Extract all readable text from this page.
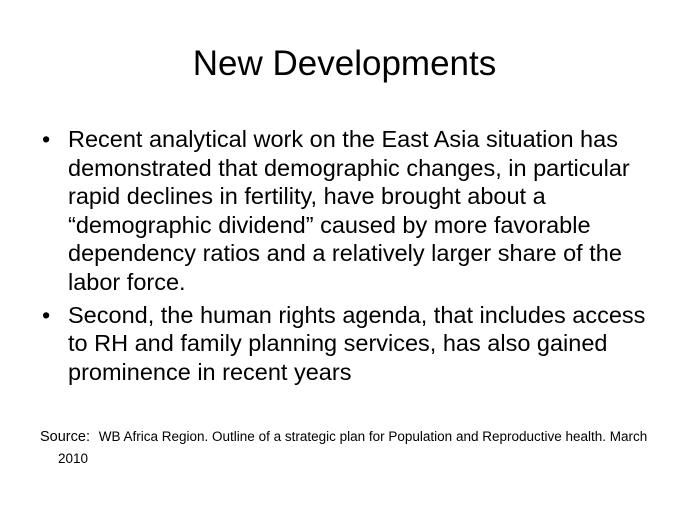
New Developments
• Recent analytical work on the East Asia situation has demonstrated that demographic changes, in particular rapid declines in fertility, have brought about a “demographic dividend” caused by more favorable dependency ratios and a relatively larger share of the labor force.
• Second, the human rights agenda, that includes access to RH and family planning services, has also gained prominence in recent years

Source: WB Africa Region. Outline of a strategic plan for Population and Reproductive health. March 2010
